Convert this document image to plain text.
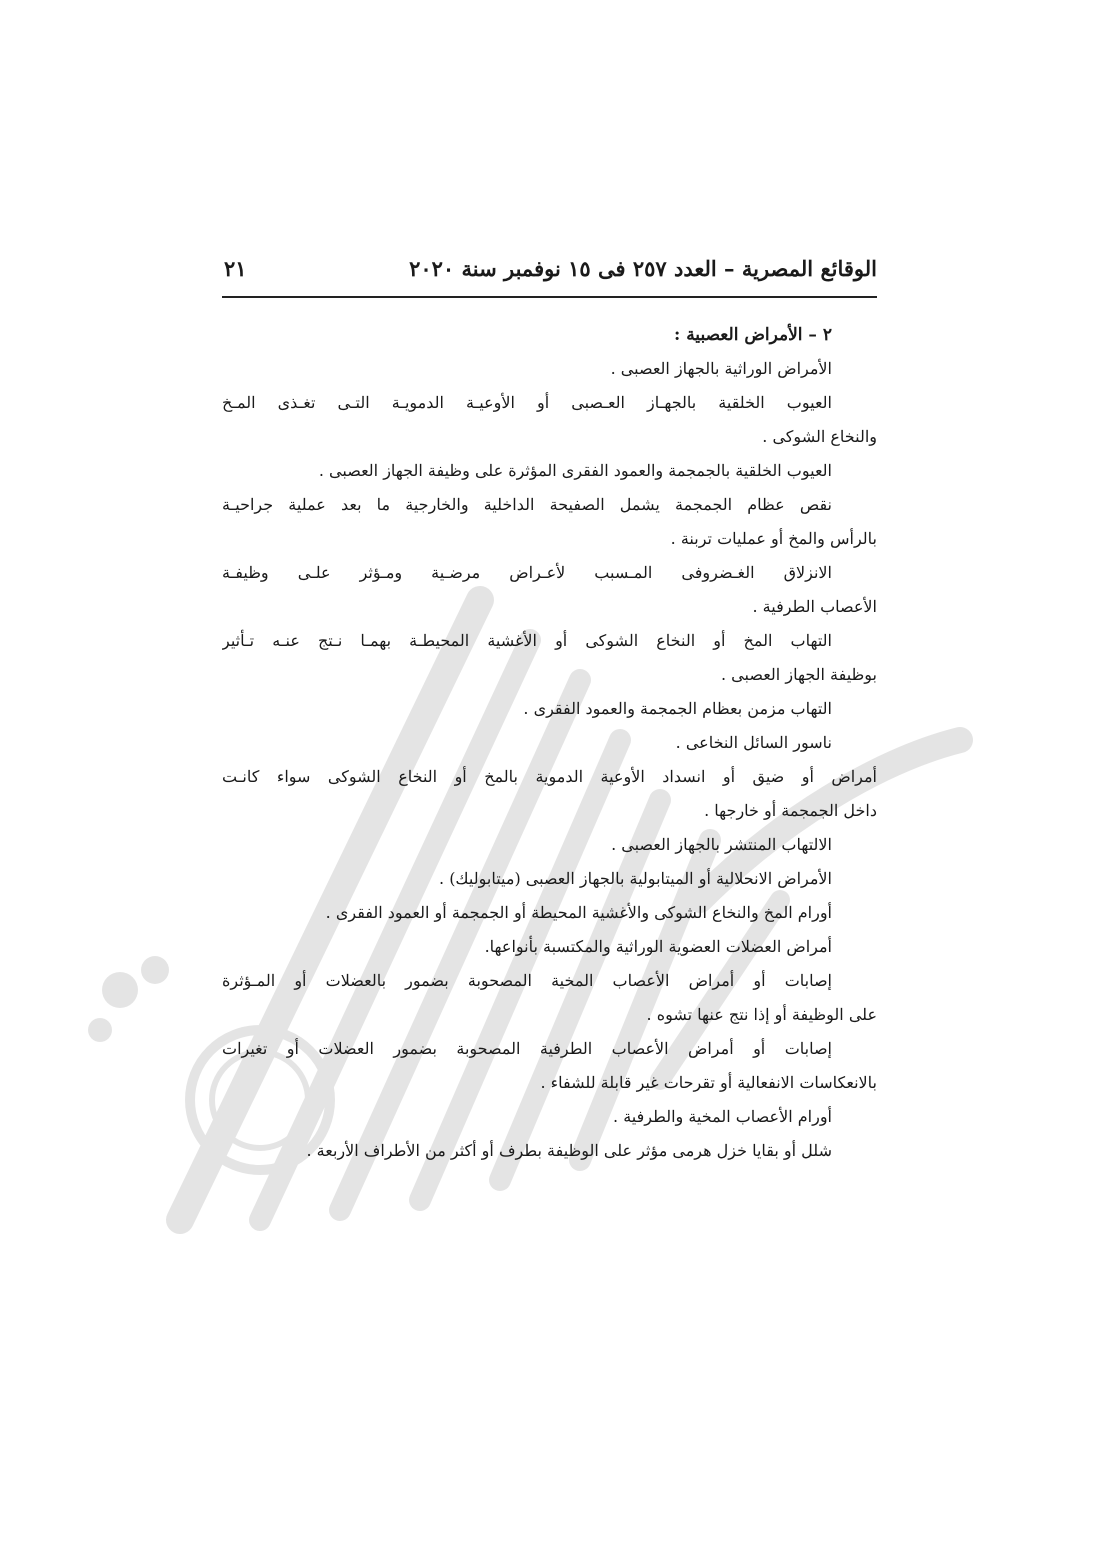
الوقائع المصرية – العدد ٢٥٧ فى ١٥ نوفمبر سنة ٢٠٢٠
٢١
٢ – الأمراض العصبية :
الأمراض الوراثية بالجهاز العصبى .
العيوب الخلقية بالجهـاز العـصبى أو الأوعيـة الدمويـة التـى تغـذى المـخ
والنخاع الشوكى .
العيوب الخلقية بالجمجمة والعمود الفقرى المؤثرة على وظيفة الجهاز العصبى .
نقص عظام الجمجمة يشمل الصفيحة الداخلية والخارجية ما بعد عملية جراحيـة
بالرأس والمخ أو عمليات تربنة .
الانزلاق الغـضروفى المـسبب لأعـراض مرضـية ومـؤثر علـى وظيفـة
الأعصاب الطرفية .
التهاب المخ أو النخاع الشوكى أو الأغشية المحيطـة بهمـا نـتج عنـه تـأثير
بوظيفة الجهاز العصبى .
التهاب مزمن بعظام الجمجمة والعمود الفقرى .
ناسور السائل النخاعى .
أمراض أو ضيق أو انسداد الأوعية الدموية بالمخ أو النخاع الشوكى سواء كانـت
داخل الجمجمة أو خارجها .
الالتهاب المنتشر بالجهاز العصبى .
الأمراض الانحلالية أو الميتابولية بالجهاز العصبى (ميتابوليك) .
أورام المخ والنخاع الشوكى والأغشية المحيطة أو الجمجمة أو العمود الفقرى .
أمراض العضلات العضوية الوراثية والمكتسبة بأنواعها.
إصابات أو أمراض الأعصاب المخية المصحوبة بضمور بالعضلات أو المـؤثرة
على الوظيفة أو إذا نتج عنها تشوه .
إصابات أو أمراض الأعصاب الطرفية المصحوبة بضمور العضلات أو تغيرات
بالانعكاسات الانفعالية أو تقرحات غير قابلة للشفاء .
أورام الأعصاب المخية والطرفية .
شلل أو بقايا خزل هرمى مؤثر على الوظيفة بطرف أو أكثر من الأطراف الأربعة .
